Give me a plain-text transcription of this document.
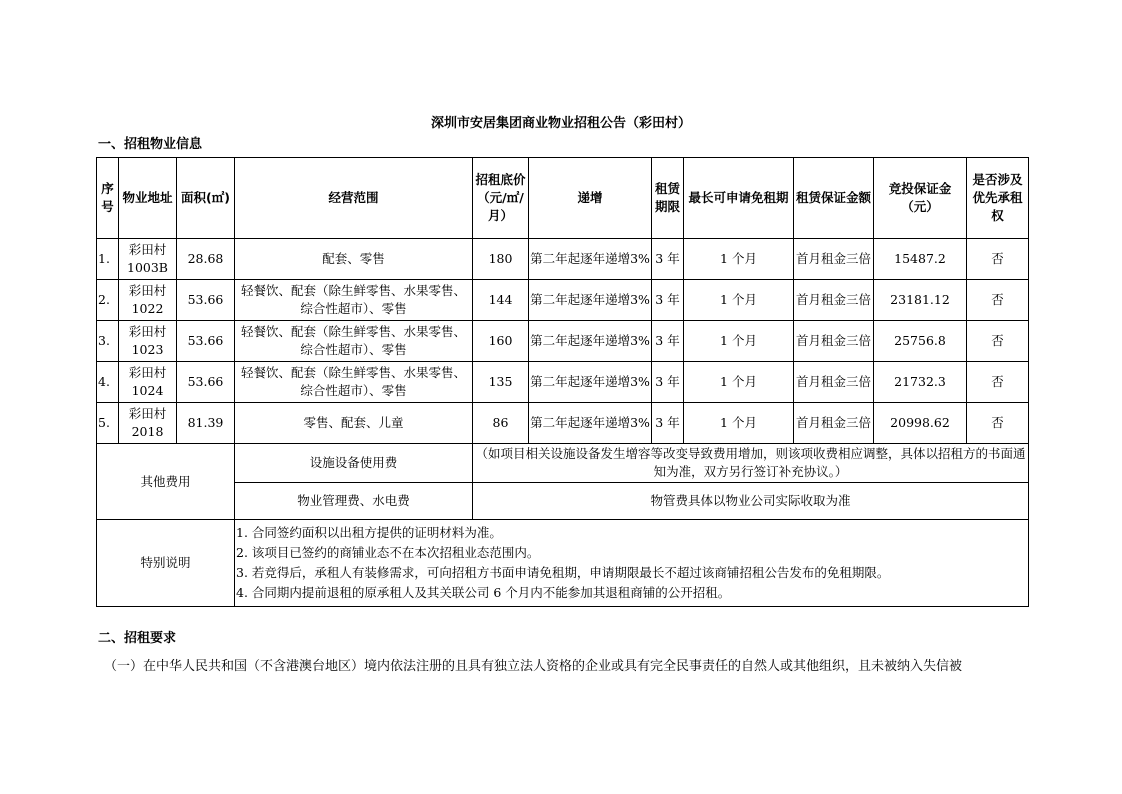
深圳市安居集团商业物业招租公告（彩田村）
一、招租物业信息
序号	物业地址	面积(㎡)	经营范围	招租底价（元/㎡/月）	递增	租赁期限	最长可申请免租期	租赁保证金额	竞投保证金（元）	是否涉及优先承租权
1.	彩田村1003B	28.68	配套、零售	180	第二年起逐年递增3%	3 年	1 个月	首月租金三倍	15487.2	否
2.	彩田村1022	53.66	轻餐饮、配套（除生鲜零售、水果零售、综合性超市）、零售	144	第二年起逐年递增3%	3 年	1 个月	首月租金三倍	23181.12	否
3.	彩田村1023	53.66	轻餐饮、配套（除生鲜零售、水果零售、综合性超市）、零售	160	第二年起逐年递增3%	3 年	1 个月	首月租金三倍	25756.8	否
4.	彩田村1024	53.66	轻餐饮、配套（除生鲜零售、水果零售、综合性超市）、零售	135	第二年起逐年递增3%	3 年	1 个月	首月租金三倍	21732.3	否
5.	彩田村2018	81.39	零售、配套、儿童	86	第二年起逐年递增3%	3 年	1 个月	首月租金三倍	20998.62	否
其他费用			设施设备使用费	（如项目相关设施设备发生增容等改变导致费用增加，则该项收费相应调整，具体以招租方的书面通知为准，双方另行签订补充协议。）						
			物业管理费、水电费	物管费具体以物业公司实际收取为准						
特别说明			1. 合同签约面积以出租方提供的证明材料为准。
2. 该项目已签约的商铺业态不在本次招租业态范围内。
3. 若竞得后，承租人有装修需求，可向招租方书面申请免租期，申请期限最长不超过该商铺招租公告发布的免租期限。
4. 合同期内提前退租的原承租人及其关联公司 6 个月内不能参加其退租商铺的公开招租。							
二、招租要求
（一）在中华人民共和国（不含港澳台地区）境内依法注册的且具有独立法人资格的企业或具有完全民事责任的自然人或其他组织，且未被纳入失信被
